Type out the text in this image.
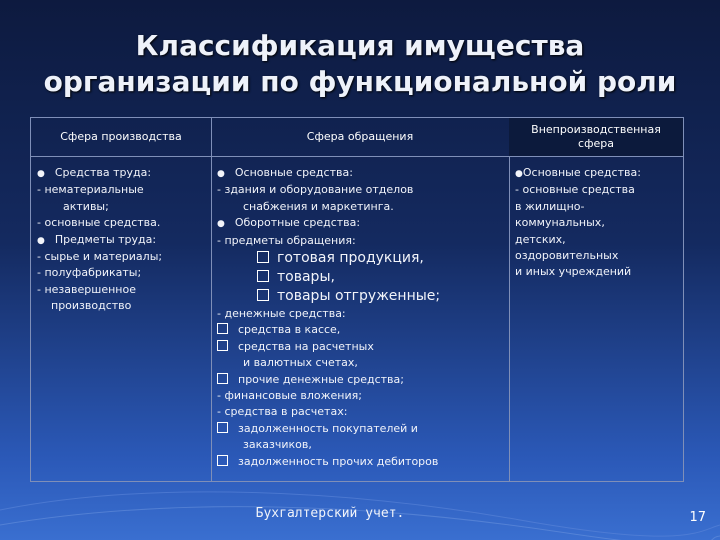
Классификация имущества
организации по функциональной роли
Сфера производства
● Средства труда:
- нематериальные
активы;
- основные средства.
● Предметы труда:
- сырье и материалы;
- полуфабрикаты;
- незавершенное
производство
Сфера обращения
● Основные средства:
- здания и оборудование отделов
снабжения и маркетинга.
● Оборотные средства:
- предметы обращения:
готовая продукция,
товары,
товары отгруженные;
- денежные средства:
средства в кассе,
средства на расчетных
и валютных счетах,
прочие денежные средства;
- финансовые вложения;
- средства в расчетах:
задолженность покупателей и
заказчиков,
задолженность прочих дебиторов
Внепроизводственная
сфера
●Основные средства:
- основные средства
в жилищно-
коммунальных,
детских,
оздоровительных
и иных учреждений
Бухгалтерский учет.	17
